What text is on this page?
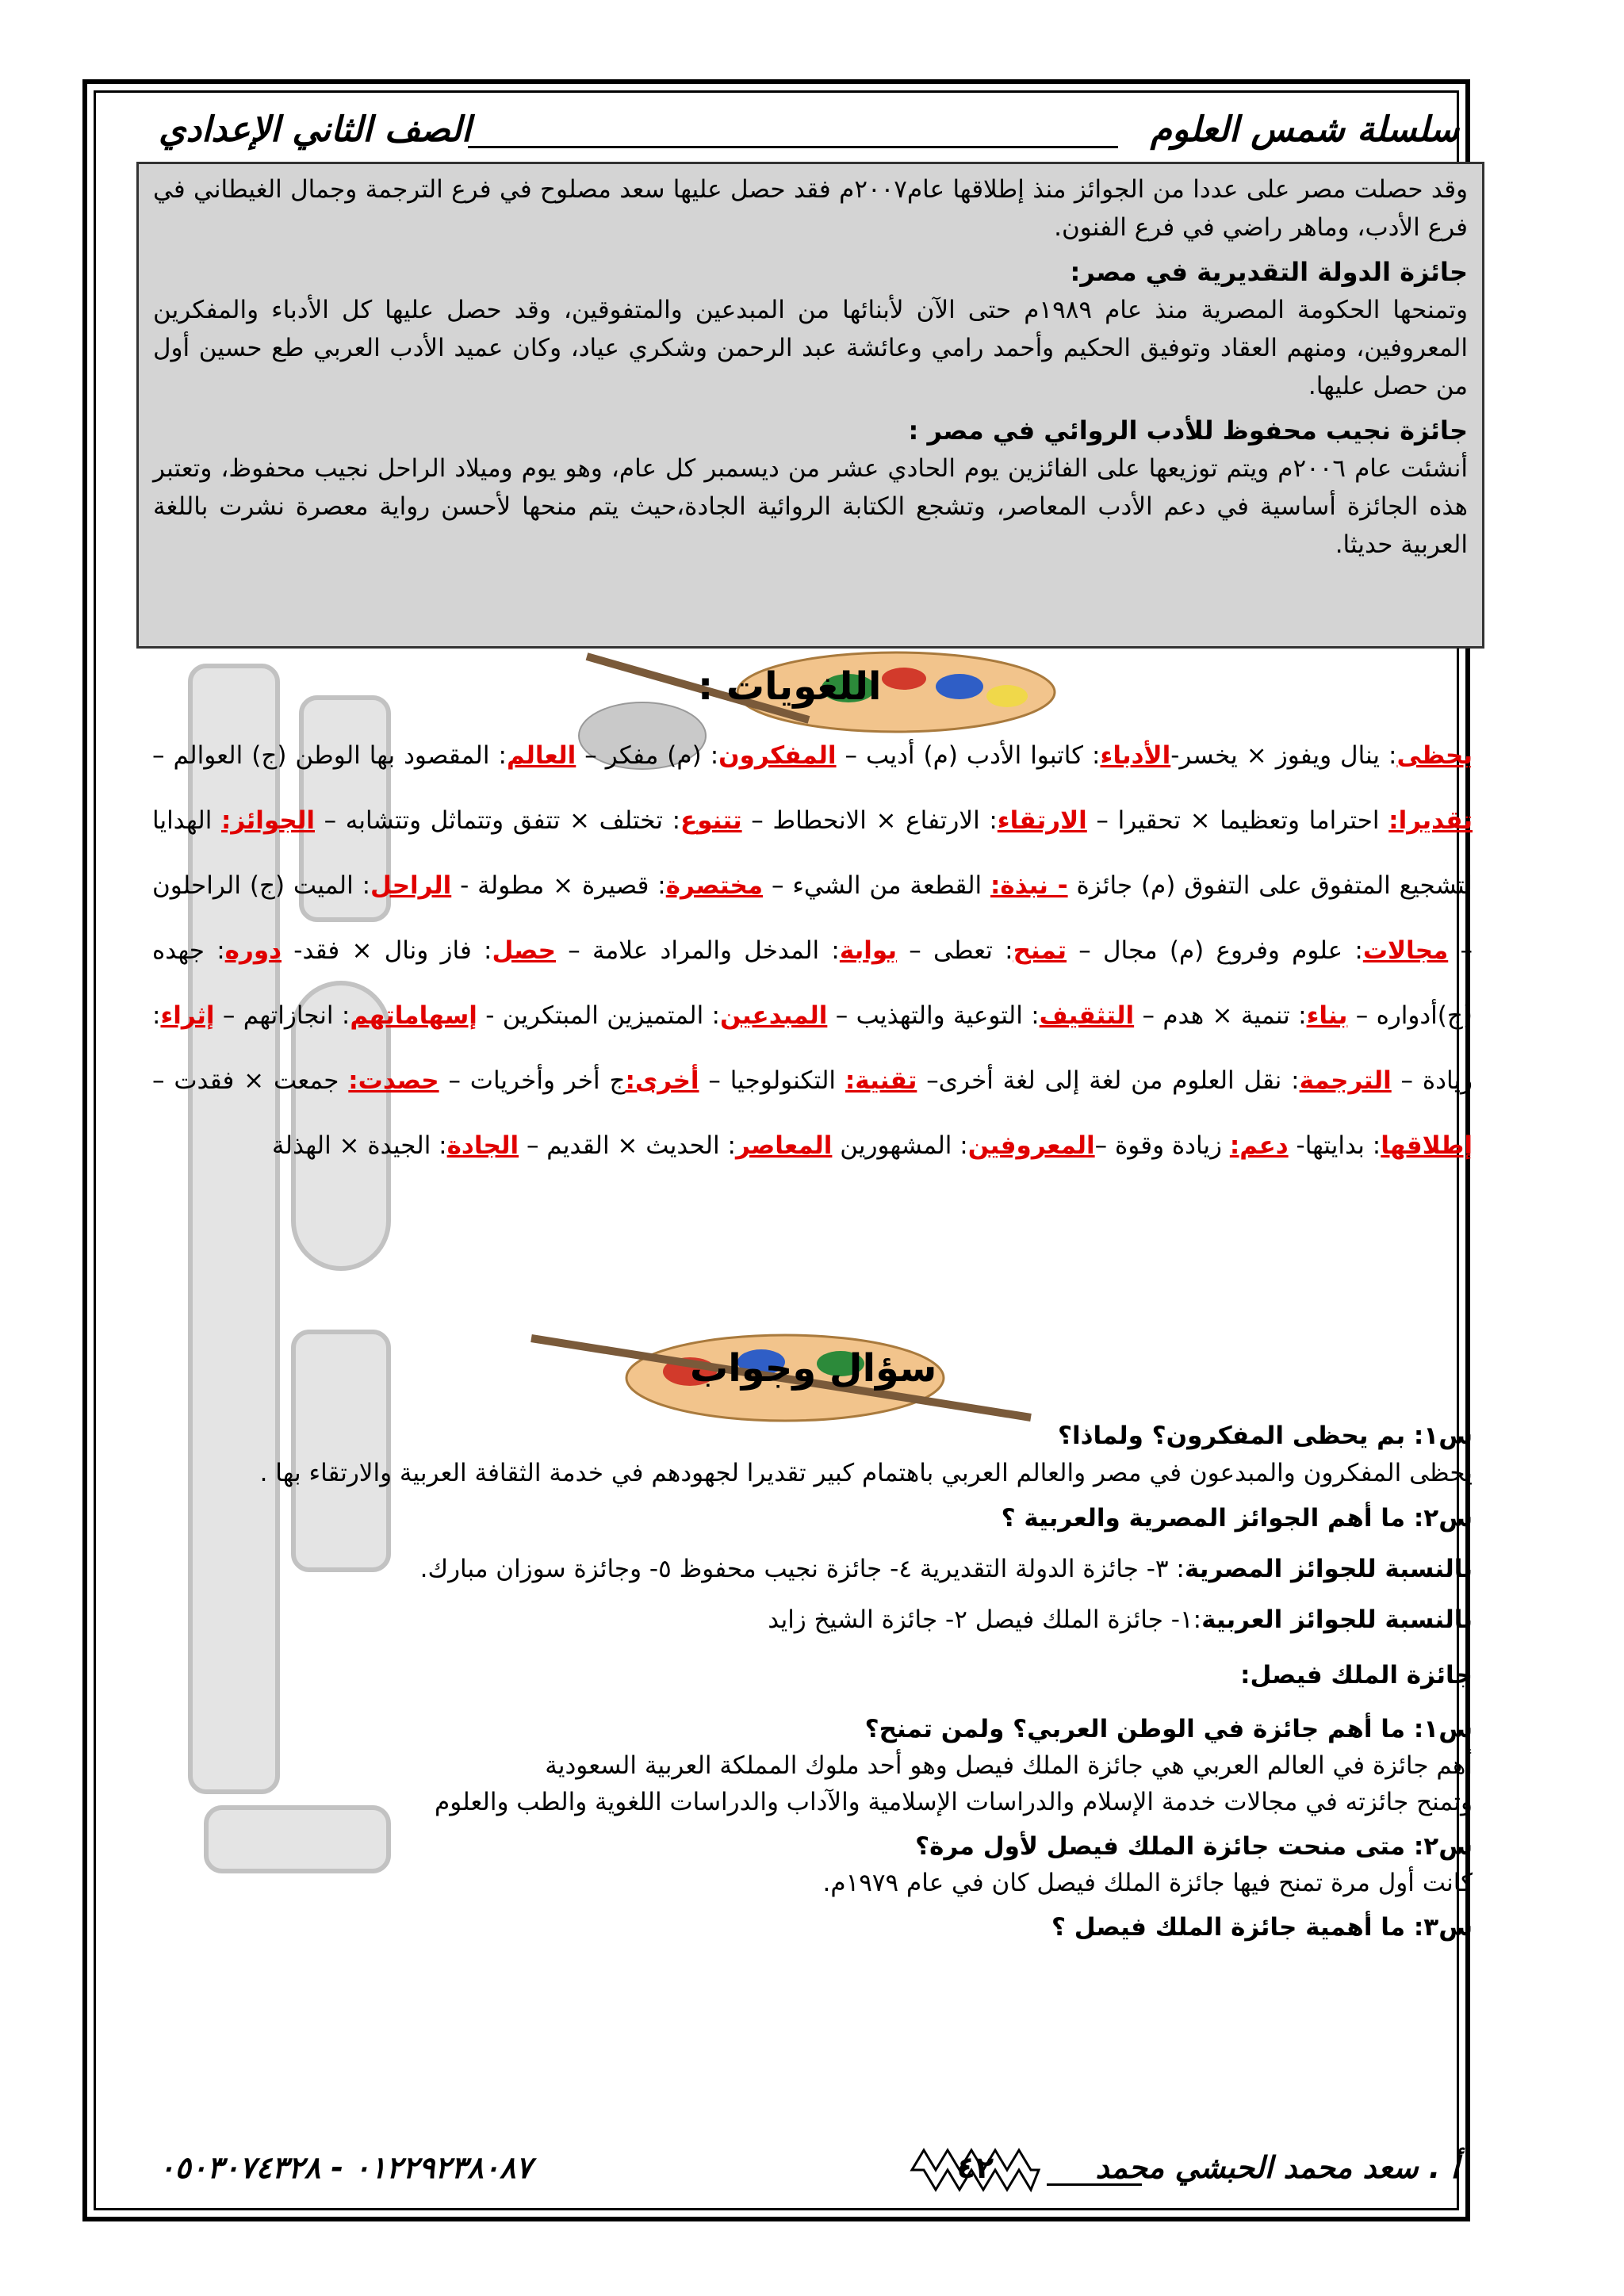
سلسلة شمس العلوم
الصف الثاني الإعدادي

وقد حصلت مصر على عددا من الجوائز منذ إطلاقها عام٢٠٠٧م فقد حصل عليها سعد مصلوح في فرع الترجمة وجمال الغيطاني في فرع الأدب، وماهر راضي في فرع الفنون.

جائزة الدولة التقديرية في مصر:

وتمنحها الحكومة المصرية منذ عام ١٩٨٩م حتى الآن لأبنائها من المبدعين والمتفوقين، وقد حصل عليها كل الأدباء والمفكرين المعروفين، ومنهم العقاد وتوفيق الحكيم وأحمد رامي وعائشة عبد الرحمن وشكري عياد، وكان عميد الأدب العربي طع حسين أول من حصل عليها.

جائزة نجيب محفوظ للأدب الروائي في مصر :

أنشئت عام ٢٠٠٦م ويتم توزيعها على الفائزين يوم الحادي عشر من ديسمبر كل عام، وهو يوم وميلاد الراحل نجيب محفوظ، وتعتبر هذه الجائزة أساسية في دعم الأدب المعاصر، وتشجع الكتابة الروائية الجادة،حيث يتم منحها لأحسن رواية معصرة نشرت باللغة العربية حديثا.

اللغويات :

يحظى: ينال ويفوز × يخسر-الأدباء: كاتبوا الأدب (م) أديب – المفكرون: (م) مفكر – العالم: المقصود بها الوطن (ج) العوالم – تقديرا: احتراما وتعظيما × تحقيرا – الارتقاء: الارتفاع × الانحطاط – تتنوع: تختلف × تتفق وتتماثل وتتشابه – الجوائز: الهدايا لتشجيع المتفوق على التفوق (م) جائزة - نبذة: القطعة من الشيء – مختصرة: قصيرة × مطولة - الراحل: الميت (ج) الراحلون – مجالات: علوم وفروع (م) مجال – تمنح: تعطى – بوابة: المدخل والمراد علامة – حصل: فاز ونال × فقد- دوره: جهده (ج)أدواره – بناء: تنمية × هدم – التثقيف: التوعية والتهذيب – المبدعين: المتميزين المبتكرين - إسهاماتهم: انجازاتهم – إثراء: زيادة – الترجمة: نقل العلوم من لغة إلى لغة أخرى– تقنية: التكنولوجيا – أخرى:ج أخر وأخريات – حصدت: جمعت × فقدت – إطلاقها: بدايتها- دعم: زيادة وقوة –المعروفين: المشهورين المعاصر: الحديث × القديم – الجادة: الجيدة × الهذلة

سؤال وجواب

س١: بم يحظى المفكرون؟ ولماذا؟

يحظى المفكرون والمبدعون في مصر والعالم العربي باهتمام كبير تقديرا لجهودهم في خدمة الثقافة العربية والارتقاء بها .

س٢: ما أهم الجوائز المصرية والعربية ؟

بالنسبة للجوائز المصرية: ٣- جائزة الدولة التقديرية ٤- جائزة نجيب محفوظ ٥- وجائزة سوزان مبارك.

بالنسبة للجوائز العربية:١- جائزة الملك فيصل ٢- جائزة الشيخ زايد

جائزة الملك فيصل:

س١: ما أهم جائزة في الوطن العربي؟ ولمن تمنح؟

أهم جائزة في العالم العربي هي جائزة الملك فيصل وهو أحد ملوك المملكة العربية السعودية

وتمنح جائزته في مجالات خدمة الإسلام والدراسات الإسلامية والآداب والدراسات اللغوية والطب والعلوم

س٢: متى منحت جائزة الملك فيصل لأول مرة؟

كانت أول مرة تمنح فيها جائزة الملك فيصل كان في عام ١٩٧٩م.

س٣: ما أهمية جائزة الملك فيصل ؟

أ . سعد محمد الحبشي محمد
٤٢
٠١٢٢٩٢٣٨٠٨٧ - ٠٥٠٣٠٧٤٣٢٨
